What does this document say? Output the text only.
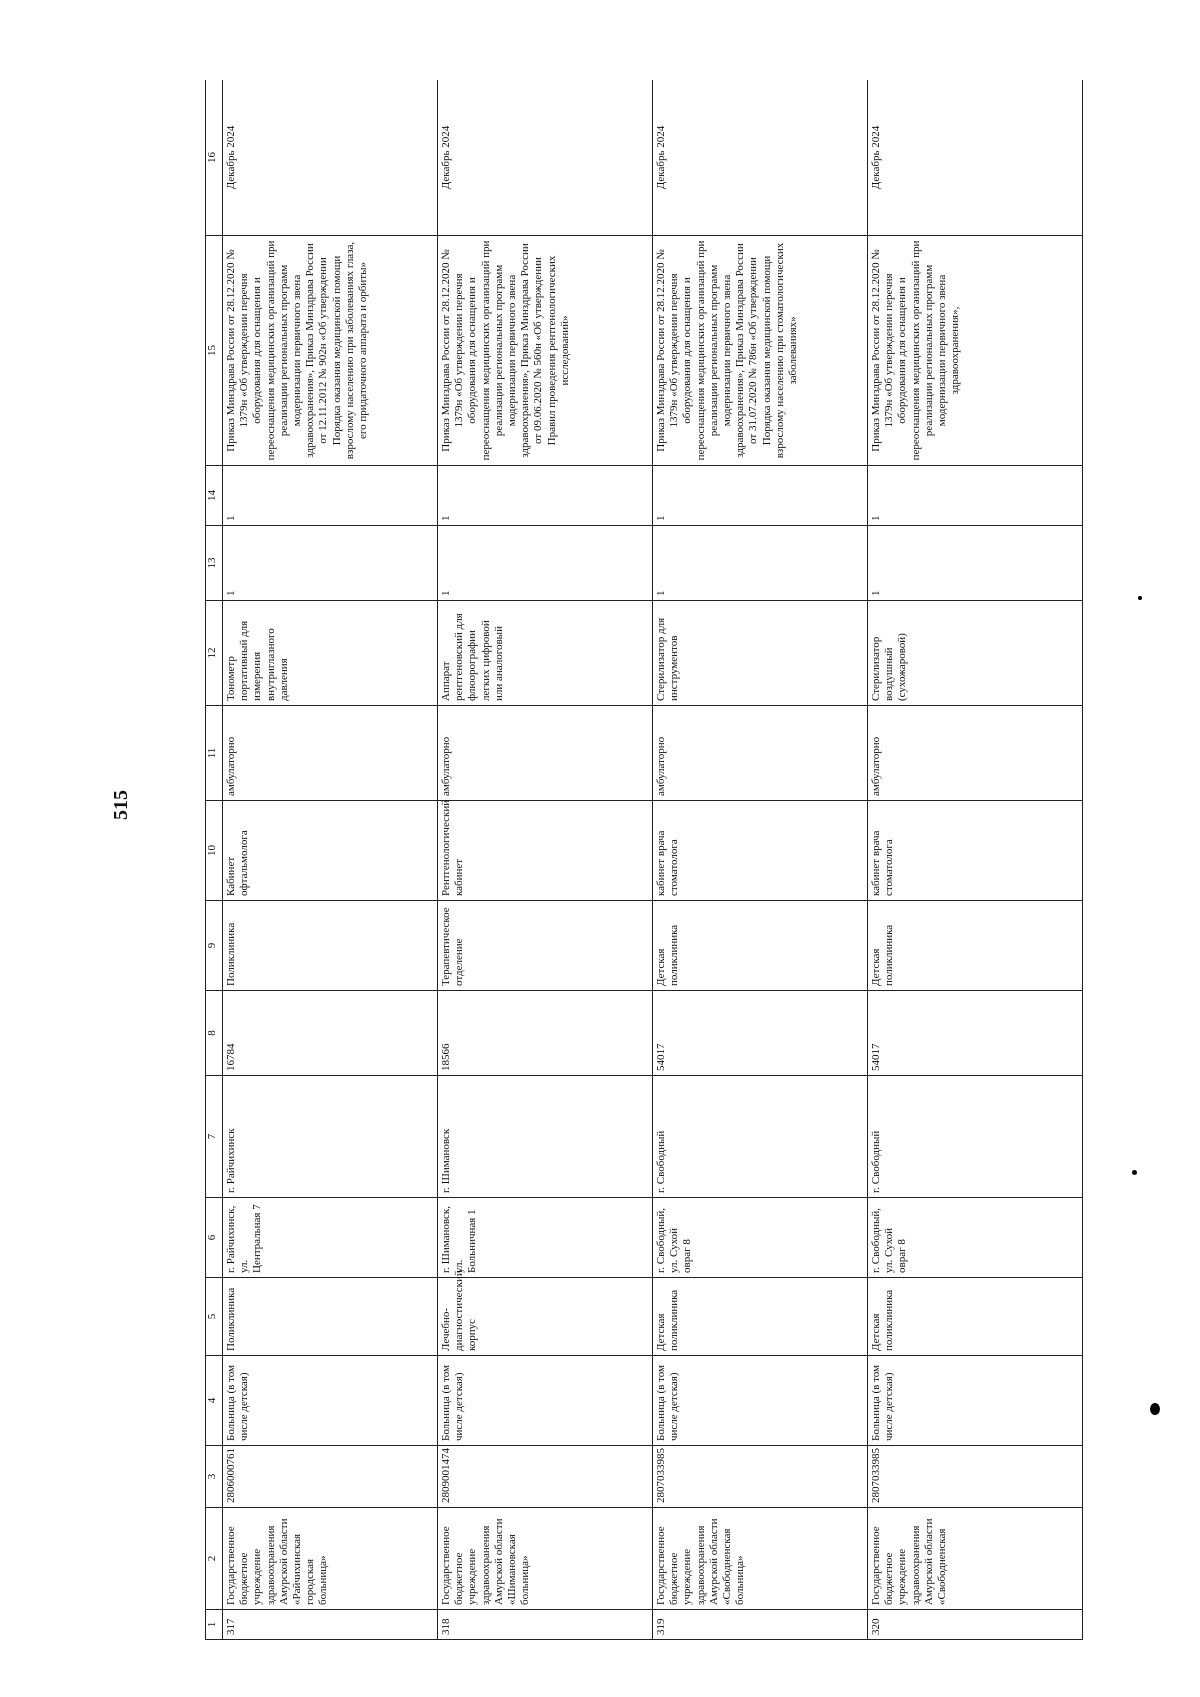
515
1	2	3	4	5	6	7	8	9	10	11	12	13	14	15	16
317	Государственное бюджетное учреждение здравоохранения Амурской области «Райчихинская городская больница»	2806000761	Больница (в том числе детская)	Поликлиника	г. Райчихинск, ул. Центральная 7	г. Райчихинск	16784	Поликлиника	Кабинет офтальмолога	амбулаторно	Тонометр портативный для измерения внутриглазного давления	1	1	Приказ Минздрава России от 28.12.2020 № 1379н «Об утверждении перечня оборудования для оснащения и переоснащения медицинских организаций при реализации региональных программ модернизации первичного звена здравоохранения», Приказ Минздрава России от 12.11.2012 № 902н «Об утверждении Порядка оказания медицинской помощи взрослому населению при заболеваниях глаза, его придаточного аппарата и орбиты»	Декабрь 2024
318	Государственное бюджетное учреждение здравоохранения Амурской области «Шимановская больница»	2809001474	Больница (в том числе детская)	Лечебно-диагностический корпус	г. Шимановск, ул. Больничная 1	г. Шимановск	18566	Терапевтическое отделение	Рентгенологический кабинет	амбулаторно	Аппарат рентгеновский для флюорографии легких цифровой или аналоговый	1	1	Приказ Минздрава России от 28.12.2020 № 1379н «Об утверждении перечня оборудования для оснащения и переоснащения медицинских организаций при реализации региональных программ модернизации первичного звена здравоохранения», Приказ Минздрава России от 09.06.2020 № 560н «Об утверждении Правил проведения рентгенологических исследований»	Декабрь 2024
319	Государственное бюджетное учреждение здравоохранения Амурской области «Свободненская больница»	2807033985	Больница (в том числе детская)	Детская поликлиника	г. Свободный, ул. Сухой овраг 8	г. Свободный	54017	Детская поликлиника	кабинет врача стоматолога	амбулаторно	Стерилизатор для инструментов	1	1	Приказ Минздрава России от 28.12.2020 № 1379н «Об утверждении перечня оборудования для оснащения и переоснащения медицинских организаций при реализации региональных программ модернизации первичного звена здравоохранения», Приказ Минздрава России от 31.07.2020 № 786н «Об утверждении Порядка оказания медицинской помощи взрослому населению при стоматологических заболеваниях»	Декабрь 2024
320	Государственное бюджетное учреждение здравоохранения Амурской области «Свободненская	2807033985	Больница (в том числе детская)	Детская поликлиника	г. Свободный, ул. Сухой овраг 8	г. Свободный	54017	Детская поликлиника	кабинет врача стоматолога	амбулаторно	Стерилизатор воздушный (сухожаровой)	1	1	Приказ Минздрава России от 28.12.2020 № 1379н «Об утверждении перечня оборудования для оснащения и переоснащения медицинских организаций при реализации региональных программ модернизации первичного звена здравоохранения»,	Декабрь 2024
